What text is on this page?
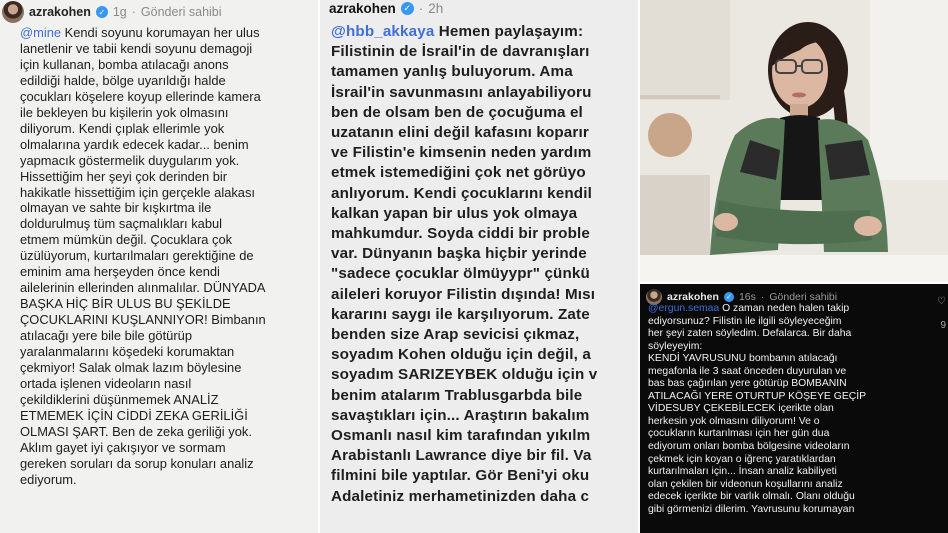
azrakohen ✓ 1g · Gönderi sahibi
@mine Kendi soyunu korumayan her ulus
lanetlenir ve tabii kendi soyunu demagoji
için kullanan, bomba atılacağı anons
edildiği halde, bölge uyarıldığı halde
çocukları köşelere koyup ellerinde kamera
ile bekleyen bu kişilerin yok olmasını
diliyorum. Kendi çıplak ellerimle yok
olmalarına yardık edecek kadar... benim
yapmacık göstermelik duygularım yok.
Hissettiğim her şeyi çok derinden bir
hakikatle hissettiğim için gerçekle alakası
olmayan ve sahte bir kışkırtma ile
doldurulmuş tüm saçmalıkları kabul
etmem mümkün değil. Çocuklara çok
üzülüyorum, kurtarılmaları gerektiğine de
eminim ama herşeyden önce kendi
ailelerinin ellerinden alınmalılar. DÜNYADA
BAŞKA HİÇ BİR ULUS BU ŞEKİLDE
ÇOCUKLARINI KUŞLANNIYOR! Bimbanın
atılacağı yere bile bile götürüp
yaralanmalarını köşedeki korumaktan
çekmiyor! Salak olmak lazım böylesine
ortada işlenen videoların nasıl
çekildiklerini düşünmemek ANALİZ
ETMEMEK İÇİN CİDDİ ZEKA GERİLİĞİ
OLMASI ŞART. Ben de zeka geriliği yok.
Aklım gayet iyi çakışıyor ve sormam
gereken soruları da sorup konuları analiz
ediyorum.
azrakohen ✓ · 2h
@hbb_akkaya Hemen paylaşayım:
Filistinin de İsrail'in de davranışları
tamamen yanlış buluyorum. Ama
İsrail'in savunmasını anlayabiliyoru
ben de olsam ben de çocuğuma el
uzatanın elini değil kafasını koparır
ve Filistin'e kimsenin neden yardım
etmek istemediğini çok net görüyo
anlıyorum. Kendi çocuklarını kendil
kalkan yapan bir ulus yok olmaya
mahkumdur. Soyda ciddi bir proble
var. Dünyanın başka hiçbir yerinde
"sadece çocuklar ölmüyypr" çünkü
aileleri koruyor Filistin dışında! Mısı
kararını saygı ile karşılıyorum. Zate
benden size Arap sevicisi çıkmaz,
soyadım Kohen olduğu için değil, a
soyadım SARIZEYBEK olduğu için v
benim atalarım Trablusgarbda bile
savaştıkları için... Araştırın bakalım
Osmanlı nasıl kim tarafından yıkılm
Arabistanlı Lawrance diye bir fil. Va
filmini bile yaptılar. Gör Beni'yi oku
Adaletiniz merhametinizden daha c
azrakohen ✓ 16s · Gönderi sahibi	♡
9
@ergun.semaa O zaman neden halen takip
ediyorsunuz? Filistin ile ilgili söyleyeceğim
her şeyi zaten söyledim. Defalarca. Bir daha
söyleyeyim:
KENDİ YAVRUSUNU bombanın atılacağı
megafonla ile 3 saat önceden duyurulan ve
bas bas çağırılan yere götürüp BOMBANIN
ATILACAĞI YERE OTURTUP KÖŞEYE GEÇİP
VİDESUBY ÇEKEBİLECEK içerikte olan
herkesin yok olmasını diliyorum! Ve o
çocukların kurtarılması için her gün dua
ediyorum onları bomba bölgesine videoların
çekmek için koyan o iğrenç yaratıklardan
kurtarılmaları için... İnsan analiz kabiliyeti
olan çekilen bir videonun koşullarını analiz
edecek içerikte bir varlık olmalı. Olanı olduğu
gibi görmenizi dilerim. Yavrusunu korumayan
